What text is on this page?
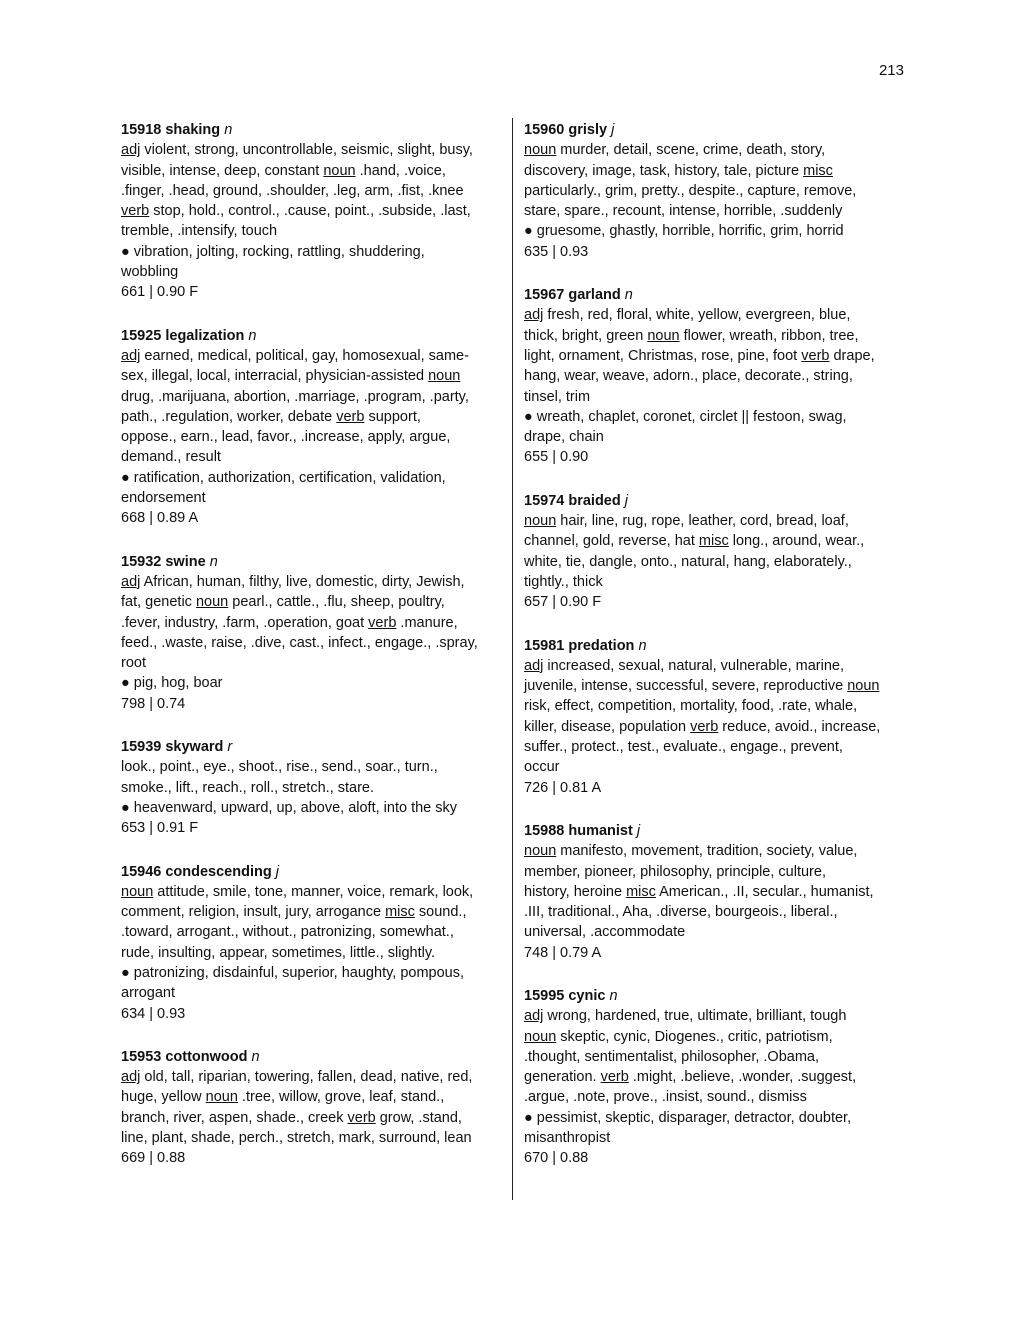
213
15918 shaking n
adj violent, strong, uncontrollable, seismic, slight, busy,
visible, intense, deep, constant noun .hand, .voice,
.finger, .head, ground, .shoulder, .leg, arm, .fist, .knee
verb stop, hold., control., .cause, point., .subside, .last,
tremble, .intensify, touch
● vibration, jolting, rocking, rattling, shuddering,
wobbling
661 | 0.90 F
15925 legalization n
adj earned, medical, political, gay, homosexual, same-
sex, illegal, local, interracial, physician-assisted noun
drug, .marijuana, abortion, .marriage, .program, .party,
path., .regulation, worker, debate verb support,
oppose., earn., lead, favor., .increase, apply, argue,
demand., result
● ratification, authorization, certification, validation,
endorsement
668 | 0.89 A
15932 swine n
adj African, human, filthy, live, domestic, dirty, Jewish,
fat, genetic noun pearl., cattle., .flu, sheep, poultry,
.fever, industry, .farm, .operation, goat verb .manure,
feed., .waste, raise, .dive, cast., infect., engage., .spray,
root
● pig, hog, boar
798 | 0.74
15939 skyward r
look., point., eye., shoot., rise., send., soar., turn.,
smoke., lift., reach., roll., stretch., stare.
● heavenward, upward, up, above, aloft, into the sky
653 | 0.91 F
15946 condescending j
noun attitude, smile, tone, manner, voice, remark, look,
comment, religion, insult, jury, arrogance misc sound.,
.toward, arrogant., without., patronizing, somewhat.,
rude, insulting, appear, sometimes, little., slightly.
● patronizing, disdainful, superior, haughty, pompous,
arrogant
634 | 0.93
15953 cottonwood n
adj old, tall, riparian, towering, fallen, dead, native, red,
huge, yellow noun .tree, willow, grove, leaf, stand.,
branch, river, aspen, shade., creek verb grow, .stand,
line, plant, shade, perch., stretch, mark, surround, lean
669 | 0.88
15960 grisly j
noun murder, detail, scene, crime, death, story,
discovery, image, task, history, tale, picture misc
particularly., grim, pretty., despite., capture, remove,
stare, spare., recount, intense, horrible, .suddenly
● gruesome, ghastly, horrible, horrific, grim, horrid
635 | 0.93
15967 garland n
adj fresh, red, floral, white, yellow, evergreen, blue,
thick, bright, green noun flower, wreath, ribbon, tree,
light, ornament, Christmas, rose, pine, foot verb drape,
hang, wear, weave, adorn., place, decorate., string,
tinsel, trim
● wreath, chaplet, coronet, circlet || festoon, swag,
drape, chain
655 | 0.90
15974 braided j
noun hair, line, rug, rope, leather, cord, bread, loaf,
channel, gold, reverse, hat misc long., around, wear.,
white, tie, dangle, onto., natural, hang, elaborately.,
tightly., thick
657 | 0.90 F
15981 predation n
adj increased, sexual, natural, vulnerable, marine,
juvenile, intense, successful, severe, reproductive noun
risk, effect, competition, mortality, food, .rate, whale,
killer, disease, population verb reduce, avoid., increase,
suffer., protect., test., evaluate., engage., prevent,
occur
726 | 0.81 A
15988 humanist j
noun manifesto, movement, tradition, society, value,
member, pioneer, philosophy, principle, culture,
history, heroine misc American., .II, secular., humanist,
.III, traditional., Aha, .diverse, bourgeois., liberal.,
universal, .accommodate
748 | 0.79 A
15995 cynic n
adj wrong, hardened, true, ultimate, brilliant, tough
noun skeptic, cynic, Diogenes., critic, patriotism,
.thought, sentimentalist, philosopher, .Obama,
generation. verb .might, .believe, .wonder, .suggest,
.argue, .note, prove., .insist, sound., dismiss
● pessimist, skeptic, disparager, detractor, doubter,
misanthropist
670 | 0.88
